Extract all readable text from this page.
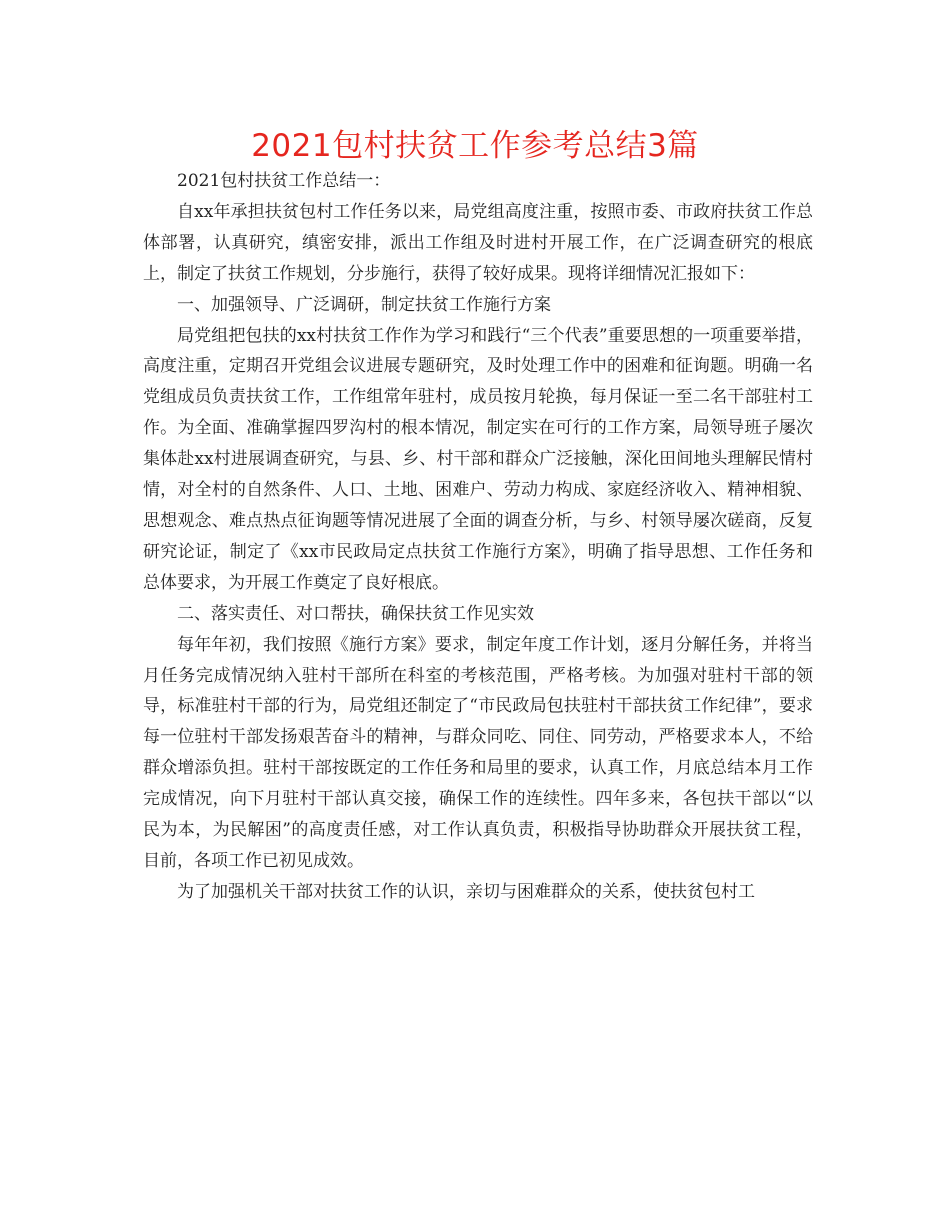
2021包村扶贫工作参考总结3篇

2021包村扶贫工作总结一：

自xx年承担扶贫包村工作任务以来，局党组高度注重，按照市委、市政府扶贫工作总体部署，认真研究，缜密安排，派出工作组及时进村开展工作，在广泛调查研究的根底上，制定了扶贫工作规划，分步施行，获得了较好成果。现将详细情况汇报如下：

一、加强领导、广泛调研，制定扶贫工作施行方案

局党组把包扶的xx村扶贫工作作为学习和践行“三个代表”重要思想的一项重要举措，高度注重，定期召开党组会议进展专题研究，及时处理工作中的困难和征询题。明确一名党组成员负责扶贫工作，工作组常年驻村，成员按月轮换，每月保证一至二名干部驻村工作。为全面、准确掌握四罗沟村的根本情况，制定实在可行的工作方案，局领导班子屡次集体赴xx村进展调查研究，与县、乡、村干部和群众广泛接触，深化田间地头理解民情村情，对全村的自然条件、人口、土地、困难户、劳动力构成、家庭经济收入、精神相貌、思想观念、难点热点征询题等情况进展了全面的调查分析，与乡、村领导屡次磋商，反复研究论证，制定了《xx市民政局定点扶贫工作施行方案》，明确了指导思想、工作任务和总体要求，为开展工作奠定了良好根底。

二、落实责任、对口帮扶，确保扶贫工作见实效

每年年初，我们按照《施行方案》要求，制定年度工作计划，逐月分解任务，并将当月任务完成情况纳入驻村干部所在科室的考核范围，严格考核。为加强对驻村干部的领导，标准驻村干部的行为，局党组还制定了“市民政局包扶驻村干部扶贫工作纪律”，要求每一位驻村干部发扬艰苦奋斗的精神，与群众同吃、同住、同劳动，严格要求本人，不给群众增添负担。驻村干部按既定的工作任务和局里的要求，认真工作，月底总结本月工作完成情况，向下月驻村干部认真交接，确保工作的连续性。四年多来，各包扶干部以“以民为本，为民解困”的高度责任感，对工作认真负责，积极指导协助群众开展扶贫工程，目前，各项工作已初见成效。

为了加强机关干部对扶贫工作的认识，亲切与困难群众的关系，使扶贫包村工
